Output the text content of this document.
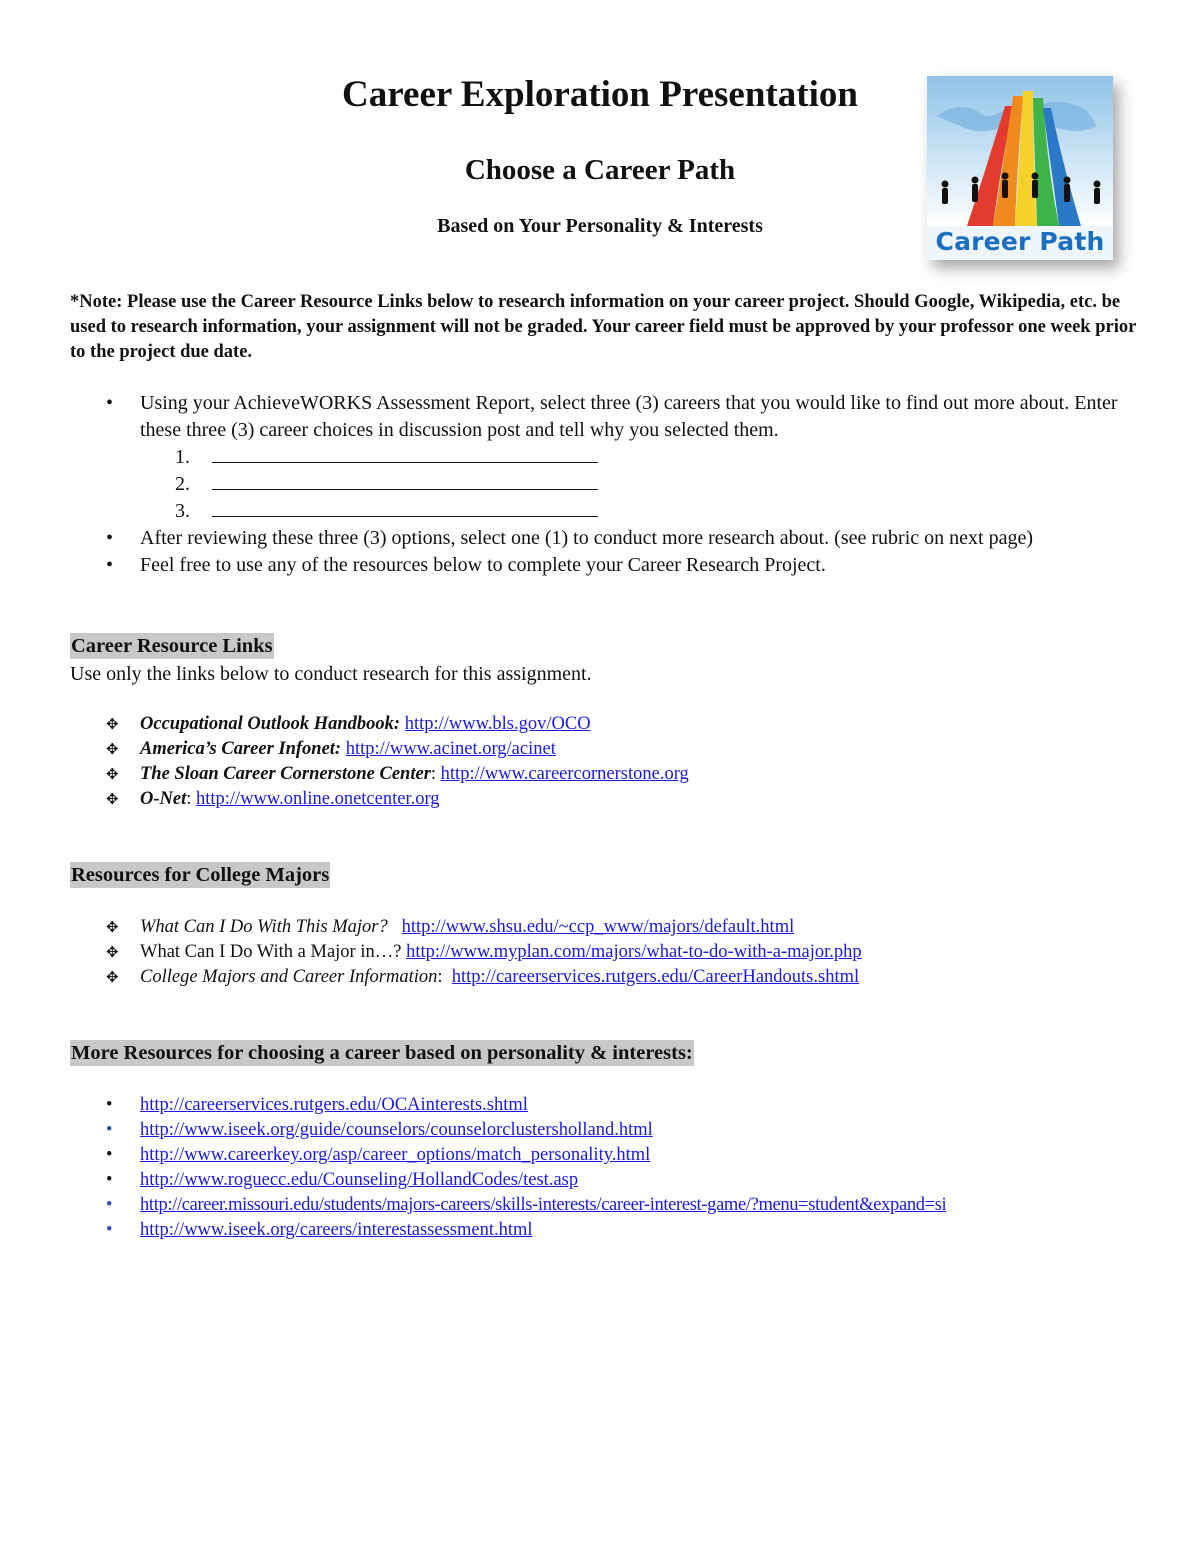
Career Exploration Presentation
Choose a Career Path
Based on Your Personality & Interests
Career Path
*Note: Please use the Career Resource Links below to research information on your career project. Should Google, Wikipedia, etc. be used to research information, your assignment will not be graded. Your career field must be approved by your professor one week prior to the project due date.
• Using your AchieveWORKS Assessment Report, select three (3) careers that you would like to find out more about. Enter these three (3) career choices in discussion post and tell why you selected them.
1.
2.
3.
• After reviewing these three (3) options, select one (1) to conduct more research about. (see rubric on next page)
• Feel free to use any of the resources below to complete your Career Research Project.
Career Resource Links
Use only the links below to conduct research for this assignment.
✥ Occupational Outlook Handbook: http://www.bls.gov/OCO
✥ America’s Career Infonet: http://www.acinet.org/acinet
✥ The Sloan Career Cornerstone Center: http://www.careercornerstone.org
✥ O-Net: http://www.online.onetcenter.org
Resources for College Majors
✥ What Can I Do With This Major? http://www.shsu.edu/~ccp_www/majors/default.html
✥ What Can I Do With a Major in…? http://www.myplan.com/majors/what-to-do-with-a-major.php
✥ College Majors and Career Information:  http://careerservices.rutgers.edu/CareerHandouts.shtml
More Resources for choosing a career based on personality & interests:
• http://careerservices.rutgers.edu/OCAinterests.shtml
• http://www.iseek.org/guide/counselors/counselorclustersholland.html
• http://www.careerkey.org/asp/career_options/match_personality.html
• http://www.roguecc.edu/Counseling/HollandCodes/test.asp
• http://career.missouri.edu/students/majors-careers/skills-interests/career-interest-game/?menu=student&expand=si
• http://www.iseek.org/careers/interestassessment.html
